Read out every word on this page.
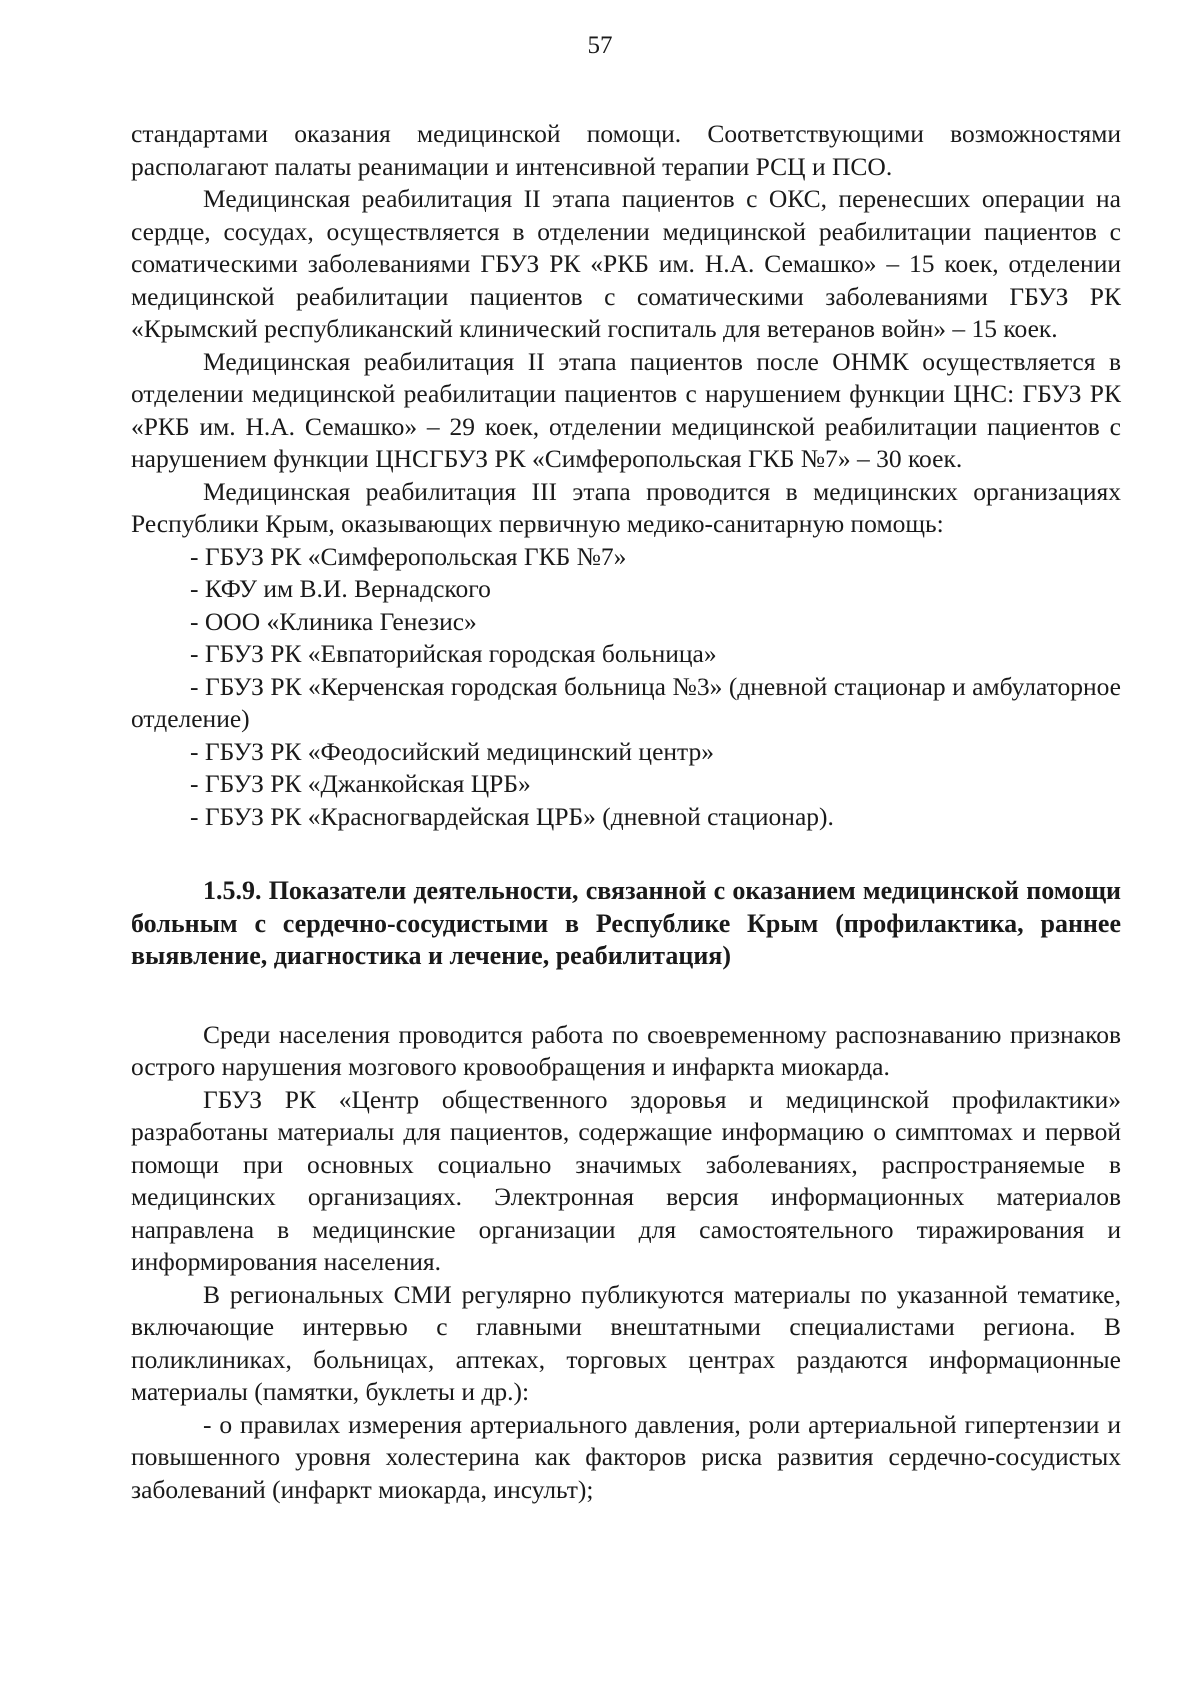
57

стандартами оказания медицинской помощи. Соответствующими возможностями располагают палаты реанимации и интенсивной терапии РСЦ и ПСО.

Медицинская реабилитация II этапа пациентов с ОКС, перенесших операции на сердце, сосудах, осуществляется в отделении медицинской реабилитации пациентов с соматическими заболеваниями ГБУЗ РК «РКБ им. Н.А. Семашко» – 15 коек, отделении медицинской реабилитации пациентов с соматическими заболеваниями ГБУЗ РК «Крымский республиканский клинический госпиталь для ветеранов войн» – 15 коек.

Медицинская реабилитация II этапа пациентов после ОНМК осуществляется в отделении медицинской реабилитации пациентов с нарушением функции ЦНС: ГБУЗ РК «РКБ им. Н.А. Семашко» – 29 коек, отделении медицинской реабилитации пациентов с нарушением функции ЦНСГБУЗ РК «Симферопольская ГКБ №7» – 30 коек.

Медицинская реабилитация III этапа проводится в медицинских организациях Республики Крым, оказывающих первичную медико-санитарную помощь:

- ГБУЗ РК «Симферопольская ГКБ №7»

- КФУ им В.И. Вернадского

- ООО «Клиника Генезис»

- ГБУЗ РК «Евпаторийская городская больница»

- ГБУЗ РК «Керченская городская больница №3» (дневной стационар и амбулаторное отделение)

- ГБУЗ РК «Феодосийский медицинский центр»

- ГБУЗ РК «Джанкойская ЦРБ»

- ГБУЗ РК «Красногвардейская ЦРБ» (дневной стационар).

1.5.9. Показатели деятельности, связанной с оказанием медицинской помощи больным с сердечно-сосудистыми в Республике Крым (профилактика, раннее выявление, диагностика и лечение, реабилитация)

Среди населения проводится работа по своевременному распознаванию признаков острого нарушения мозгового кровообращения и инфаркта миокарда.

ГБУЗ РК «Центр общественного здоровья и медицинской профилактики» разработаны материалы для пациентов, содержащие информацию о симптомах и первой помощи при основных социально значимых заболеваниях, распространяемые в медицинских организациях. Электронная версия информационных материалов направлена в медицинские организации для самостоятельного тиражирования и информирования населения.

В региональных СМИ регулярно публикуются материалы по указанной тематике, включающие интервью с главными внештатными специалистами региона. В поликлиниках, больницах, аптеках, торговых центрах раздаются информационные материалы (памятки, буклеты и др.):

- о правилах измерения артериального давления, роли артериальной гипертензии и повышенного уровня холестерина как факторов риска развития сердечно-сосудистых заболеваний (инфаркт миокарда, инсульт);
